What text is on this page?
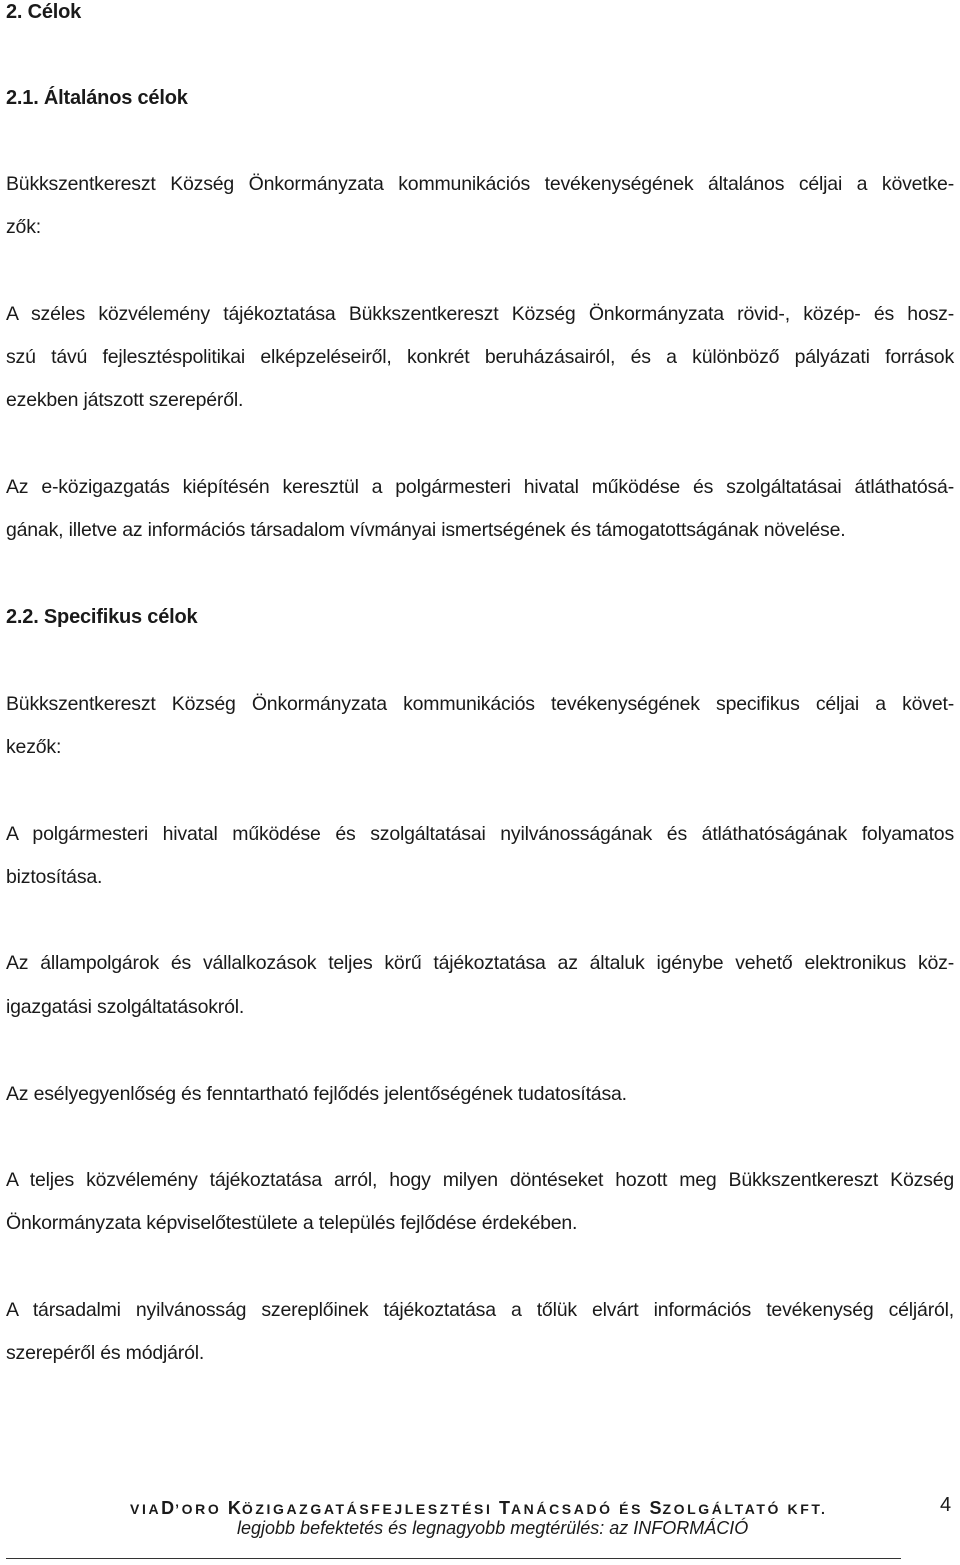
2. Célok
2.1. Általános célok
Bükkszentkereszt Község Önkormányzata kommunikációs tevékenységének általános céljai a követke-
zők:
A széles közvélemény tájékoztatása Bükkszentkereszt Község Önkormányzata rövid-, közép- és hosz-
szú távú fejlesztéspolitikai elképzeléseiről, konkrét beruházásairól, és a különböző pályázati források
ezekben játszott szerepéről.
Az e-közigazgatás kiépítésén keresztül a polgármesteri hivatal működése és szolgáltatásai átláthatósá-
gának, illetve az információs társadalom vívmányai ismertségének és támogatottságának növelése.
2.2. Specifikus célok
Bükkszentkereszt Község Önkormányzata kommunikációs tevékenységének specifikus céljai a követ-
kezők:
A polgármesteri hivatal működése és szolgáltatásai nyilvánosságának és átláthatóságának folyamatos
biztosítása.
Az állampolgárok és vállalkozások teljes körű tájékoztatása az általuk igénybe vehető elektronikus köz-
igazgatási szolgáltatásokról.
Az esélyegyenlőség és fenntartható fejlődés jelentőségének tudatosítása.
A teljes közvélemény tájékoztatása arról, hogy milyen döntéseket hozott meg Bükkszentkereszt Község
Önkormányzata képviselőtestülete a település fejlődése érdekében.
A társadalmi nyilvánosság szereplőinek tájékoztatása a tőlük elvárt információs tevékenység céljáról,
szerepéről és módjáról.
VIAD’ORO KÖZIGAZGATÁSFEJLESZTÉSI TANÁCSADÓ ÉS SZOLGÁLTATÓ KFT.
legjobb befektetés és legnagyobb megtérülés: az INFORMÁCIÓ
4
